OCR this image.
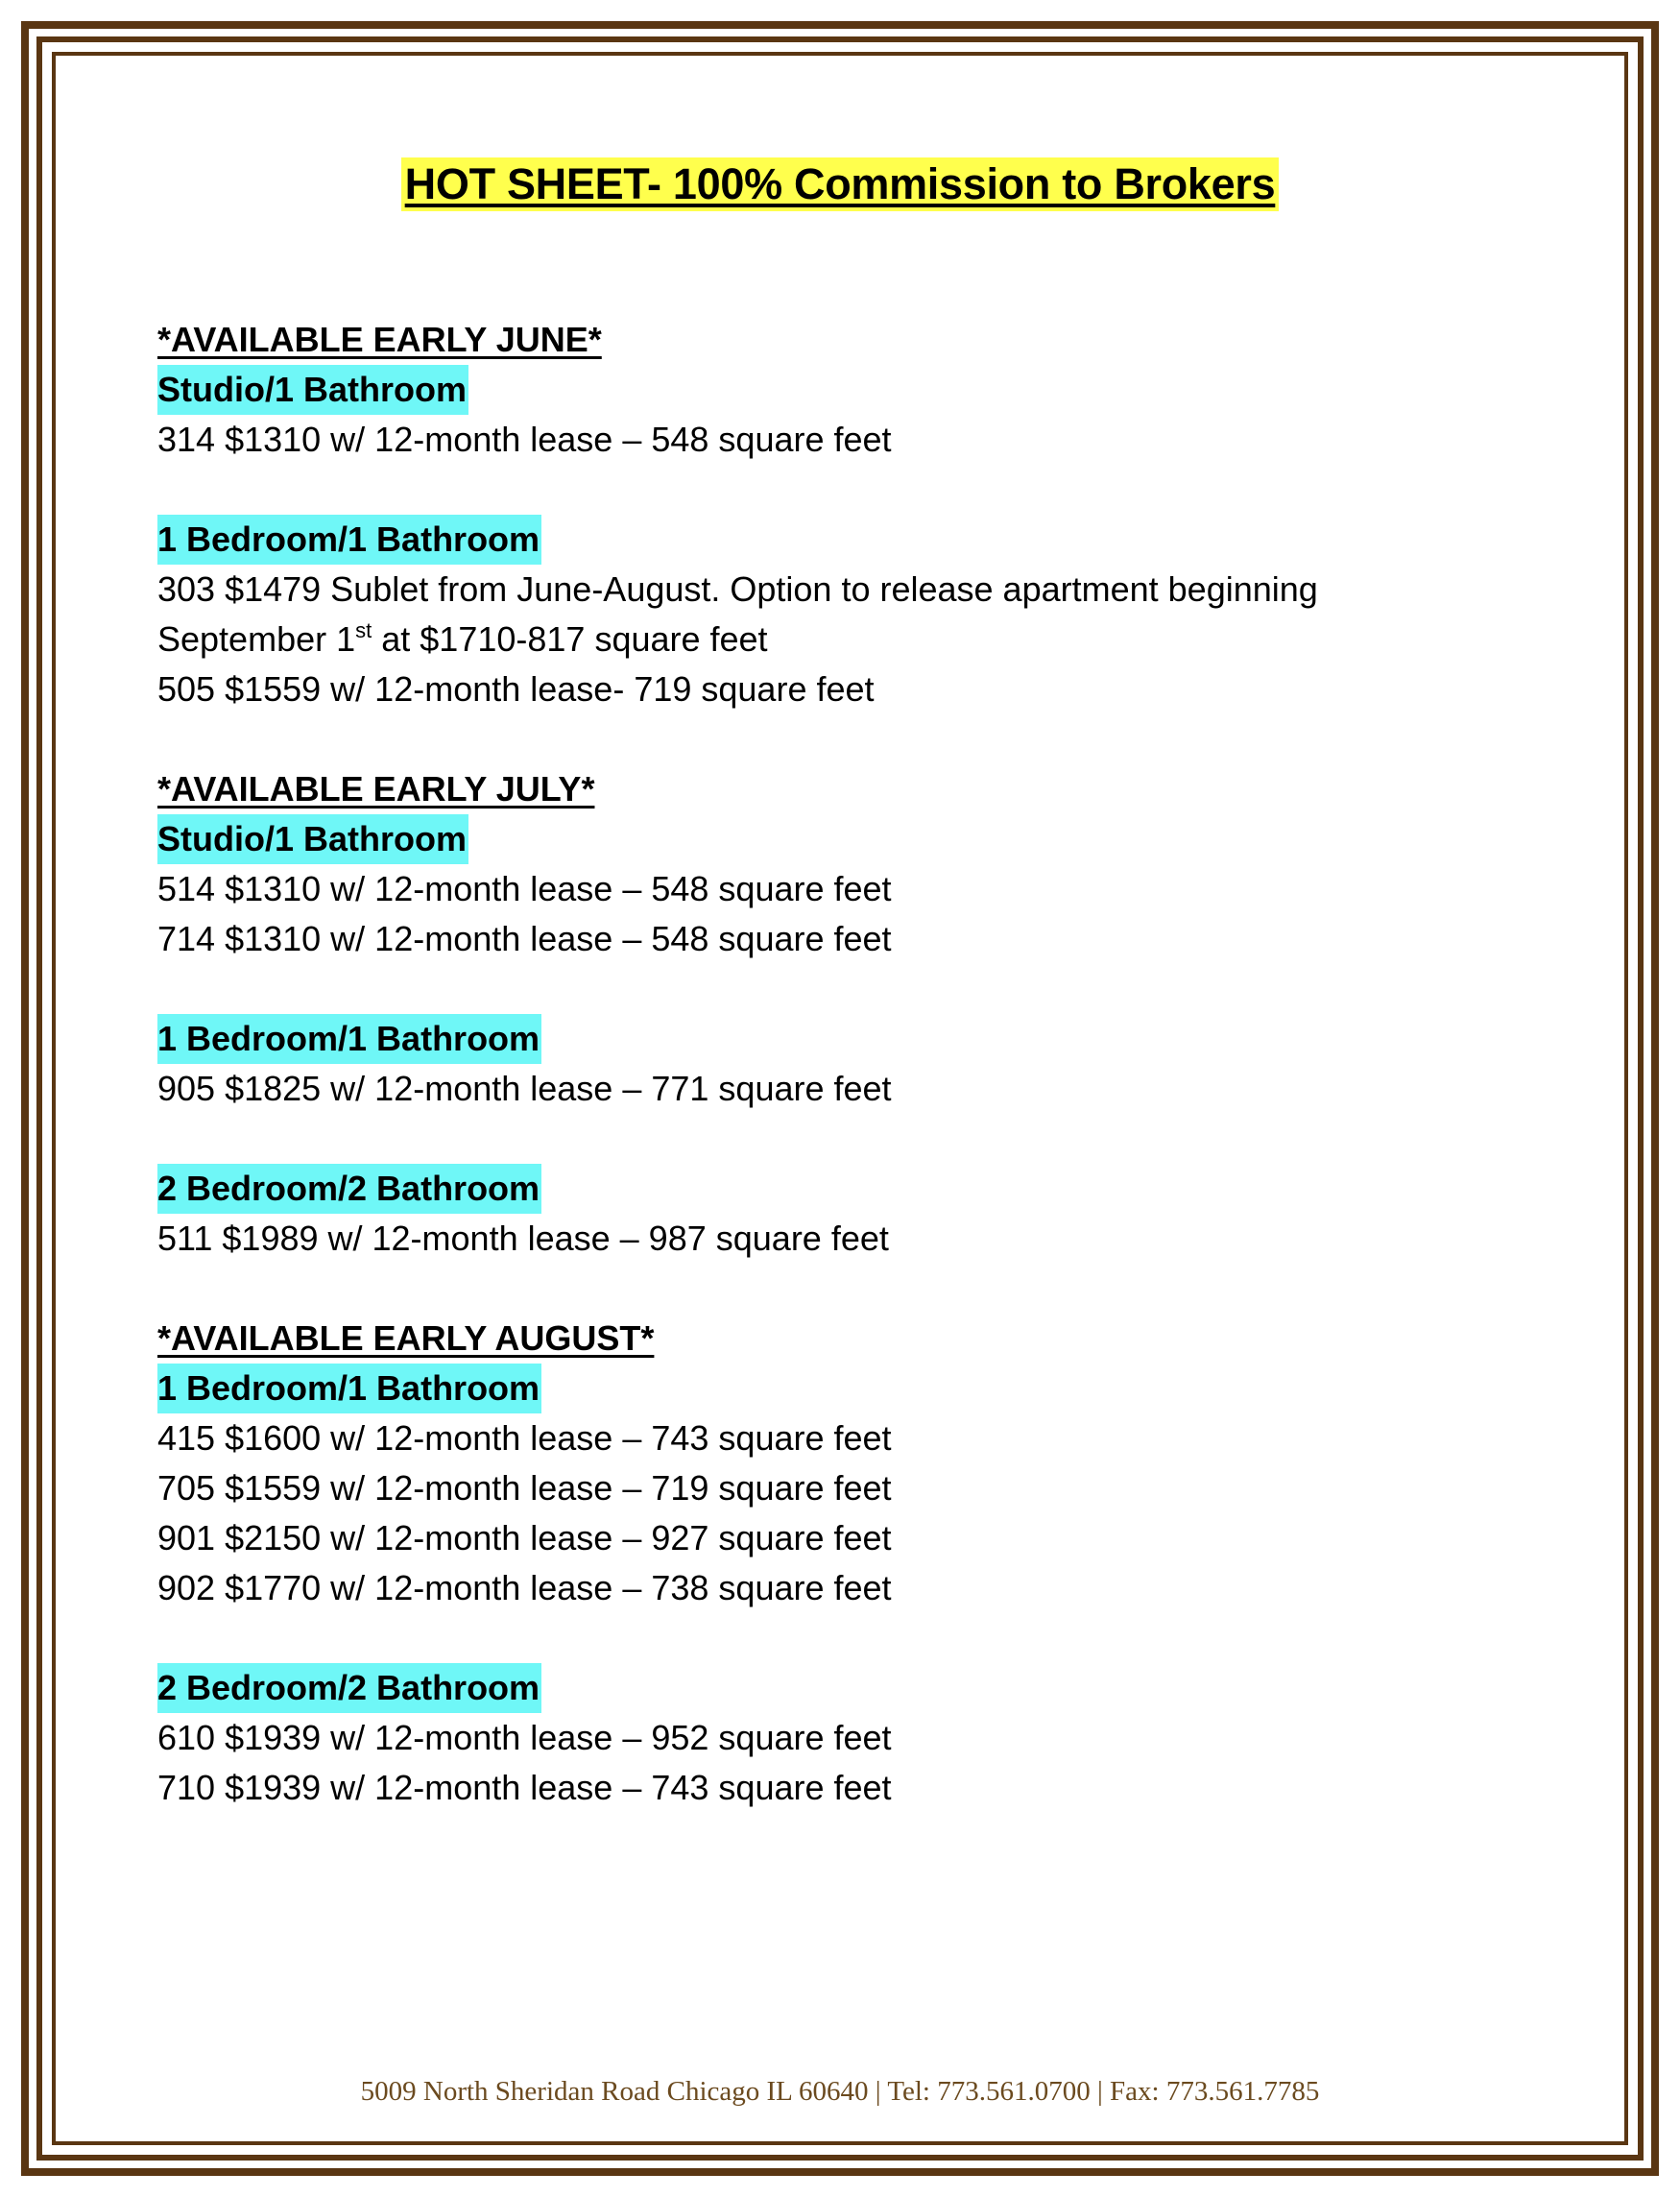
HOT SHEET- 100% Commission to Brokers
*AVAILABLE EARLY JUNE*
Studio/1 Bathroom
314 $1310 w/ 12-month lease – 548 square feet
1 Bedroom/1 Bathroom
303 $1479 Sublet from June-August. Option to release apartment beginning
September 1st at $1710-817 square feet
505 $1559 w/ 12-month lease- 719 square feet
*AVAILABLE EARLY JULY*
Studio/1 Bathroom
514 $1310 w/ 12-month lease – 548 square feet
714 $1310 w/ 12-month lease – 548 square feet
1 Bedroom/1 Bathroom
905 $1825 w/ 12-month lease – 771 square feet
2 Bedroom/2 Bathroom
511 $1989 w/ 12-month lease – 987 square feet
*AVAILABLE EARLY AUGUST*
1 Bedroom/1 Bathroom
415 $1600 w/ 12-month lease – 743 square feet
705 $1559 w/ 12-month lease – 719 square feet
901 $2150 w/ 12-month lease – 927 square feet
902 $1770 w/ 12-month lease – 738 square feet
2 Bedroom/2 Bathroom
610 $1939 w/ 12-month lease – 952 square feet
710 $1939 w/ 12-month lease – 743 square feet
5009 North Sheridan Road Chicago IL 60640 | Tel: 773.561.0700 | Fax: 773.561.7785
